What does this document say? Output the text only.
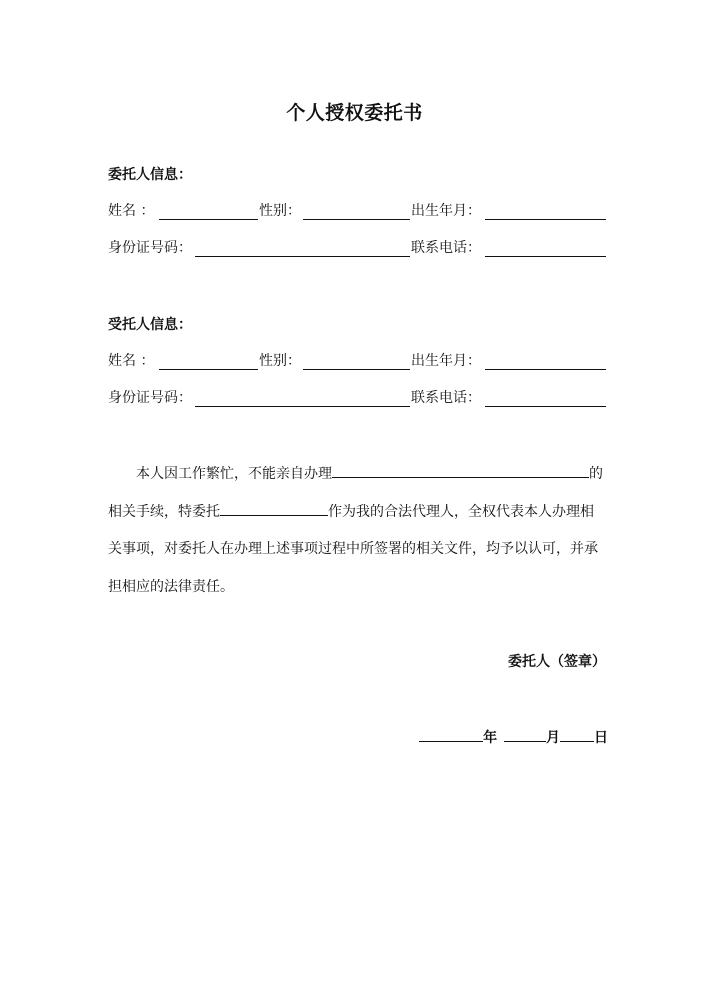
个人授权委托书
委托人信息：
姓名 ：	性别：	出生年月：
身份证号码：	联系电话：
受托人信息：
姓名 ：	性别：	出生年月：
身份证号码：	联系电话：
本人因工作繁忙，不能亲自办理	的
相关手续，特委托	作为我的合法代理人，全权代表本人办理相
关事项，对委托人在办理上述事项过程中所签署的相关文件，均予以认可，并承
担相应的法律责任。
委托人（签章）
年	月 日
